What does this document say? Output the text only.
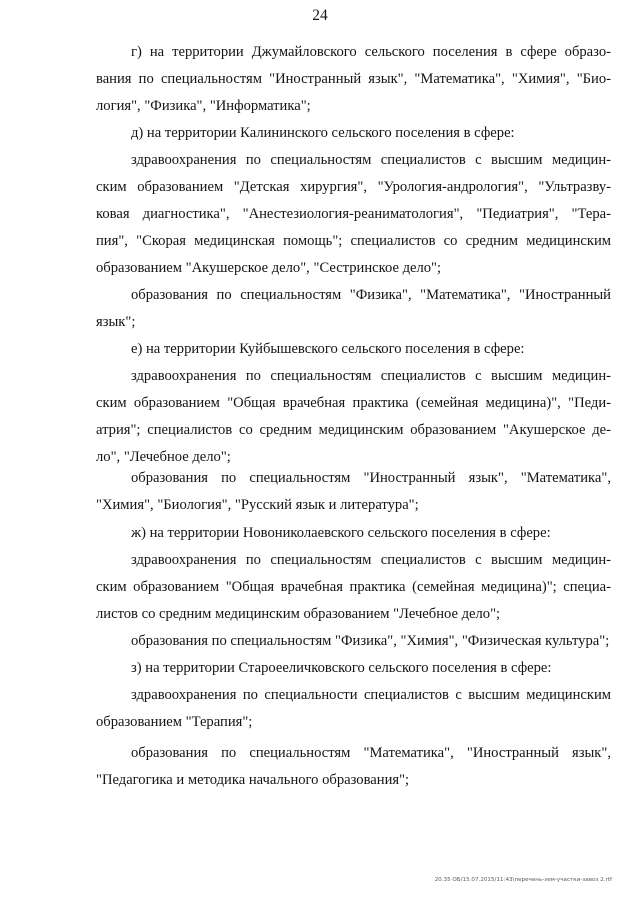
24
г) на территории Джумайловского сельского поселения в сфере образо-
вания по специальностям "Иностранный язык", "Математика", "Химия", "Био-
логия", "Физика", "Информатика";
д) на территории Калининского сельского поселения в сфере:
здравоохранения по специальностям специалистов с высшим медицин-
ским образованием "Детская хирургия", "Урология-андрология", "Ультразву-
ковая диагностика", "Анестезиология-реаниматология", "Педиатрия", "Тера-
пия", "Скорая медицинская помощь"; специалистов со средним медицинским
образованием "Акушерское дело", "Сестринское дело";
образования по специальностям "Физика", "Математика", "Иностранный
язык";
е) на территории Куйбышевского сельского поселения в сфере:
здравоохранения по специальностям специалистов с высшим медицин-
ским образованием "Общая врачебная практика (семейная медицина)", "Педи-
атрия"; специалистов со средним медицинским образованием "Акушерское де-
ло", "Лечебное дело";
образования по специальностям "Иностранный язык", "Математика",
"Химия", "Биология", "Русский язык и литература";
ж) на территории Новониколаевского сельского поселения в сфере:
здравоохранения по специальностям специалистов с высшим медицин-
ским образованием "Общая врачебная практика (семейная медицина)"; специа-
листов со средним медицинским образованием "Лечебное дело";
образования по специальностям "Физика", "Химия", "Физическая культура";
з) на территории Староееличковского сельского поселения в сфере:
здравоохранения по специальности специалистов с высшим медицинским
образованием "Терапия";
образования по специальностям "Математика", "Иностранный язык",
"Педагогика и методика начального образования";
20.35 ОБ/15.07.2015/11:43\перечень-зем-участки-завоз 2.rtf
